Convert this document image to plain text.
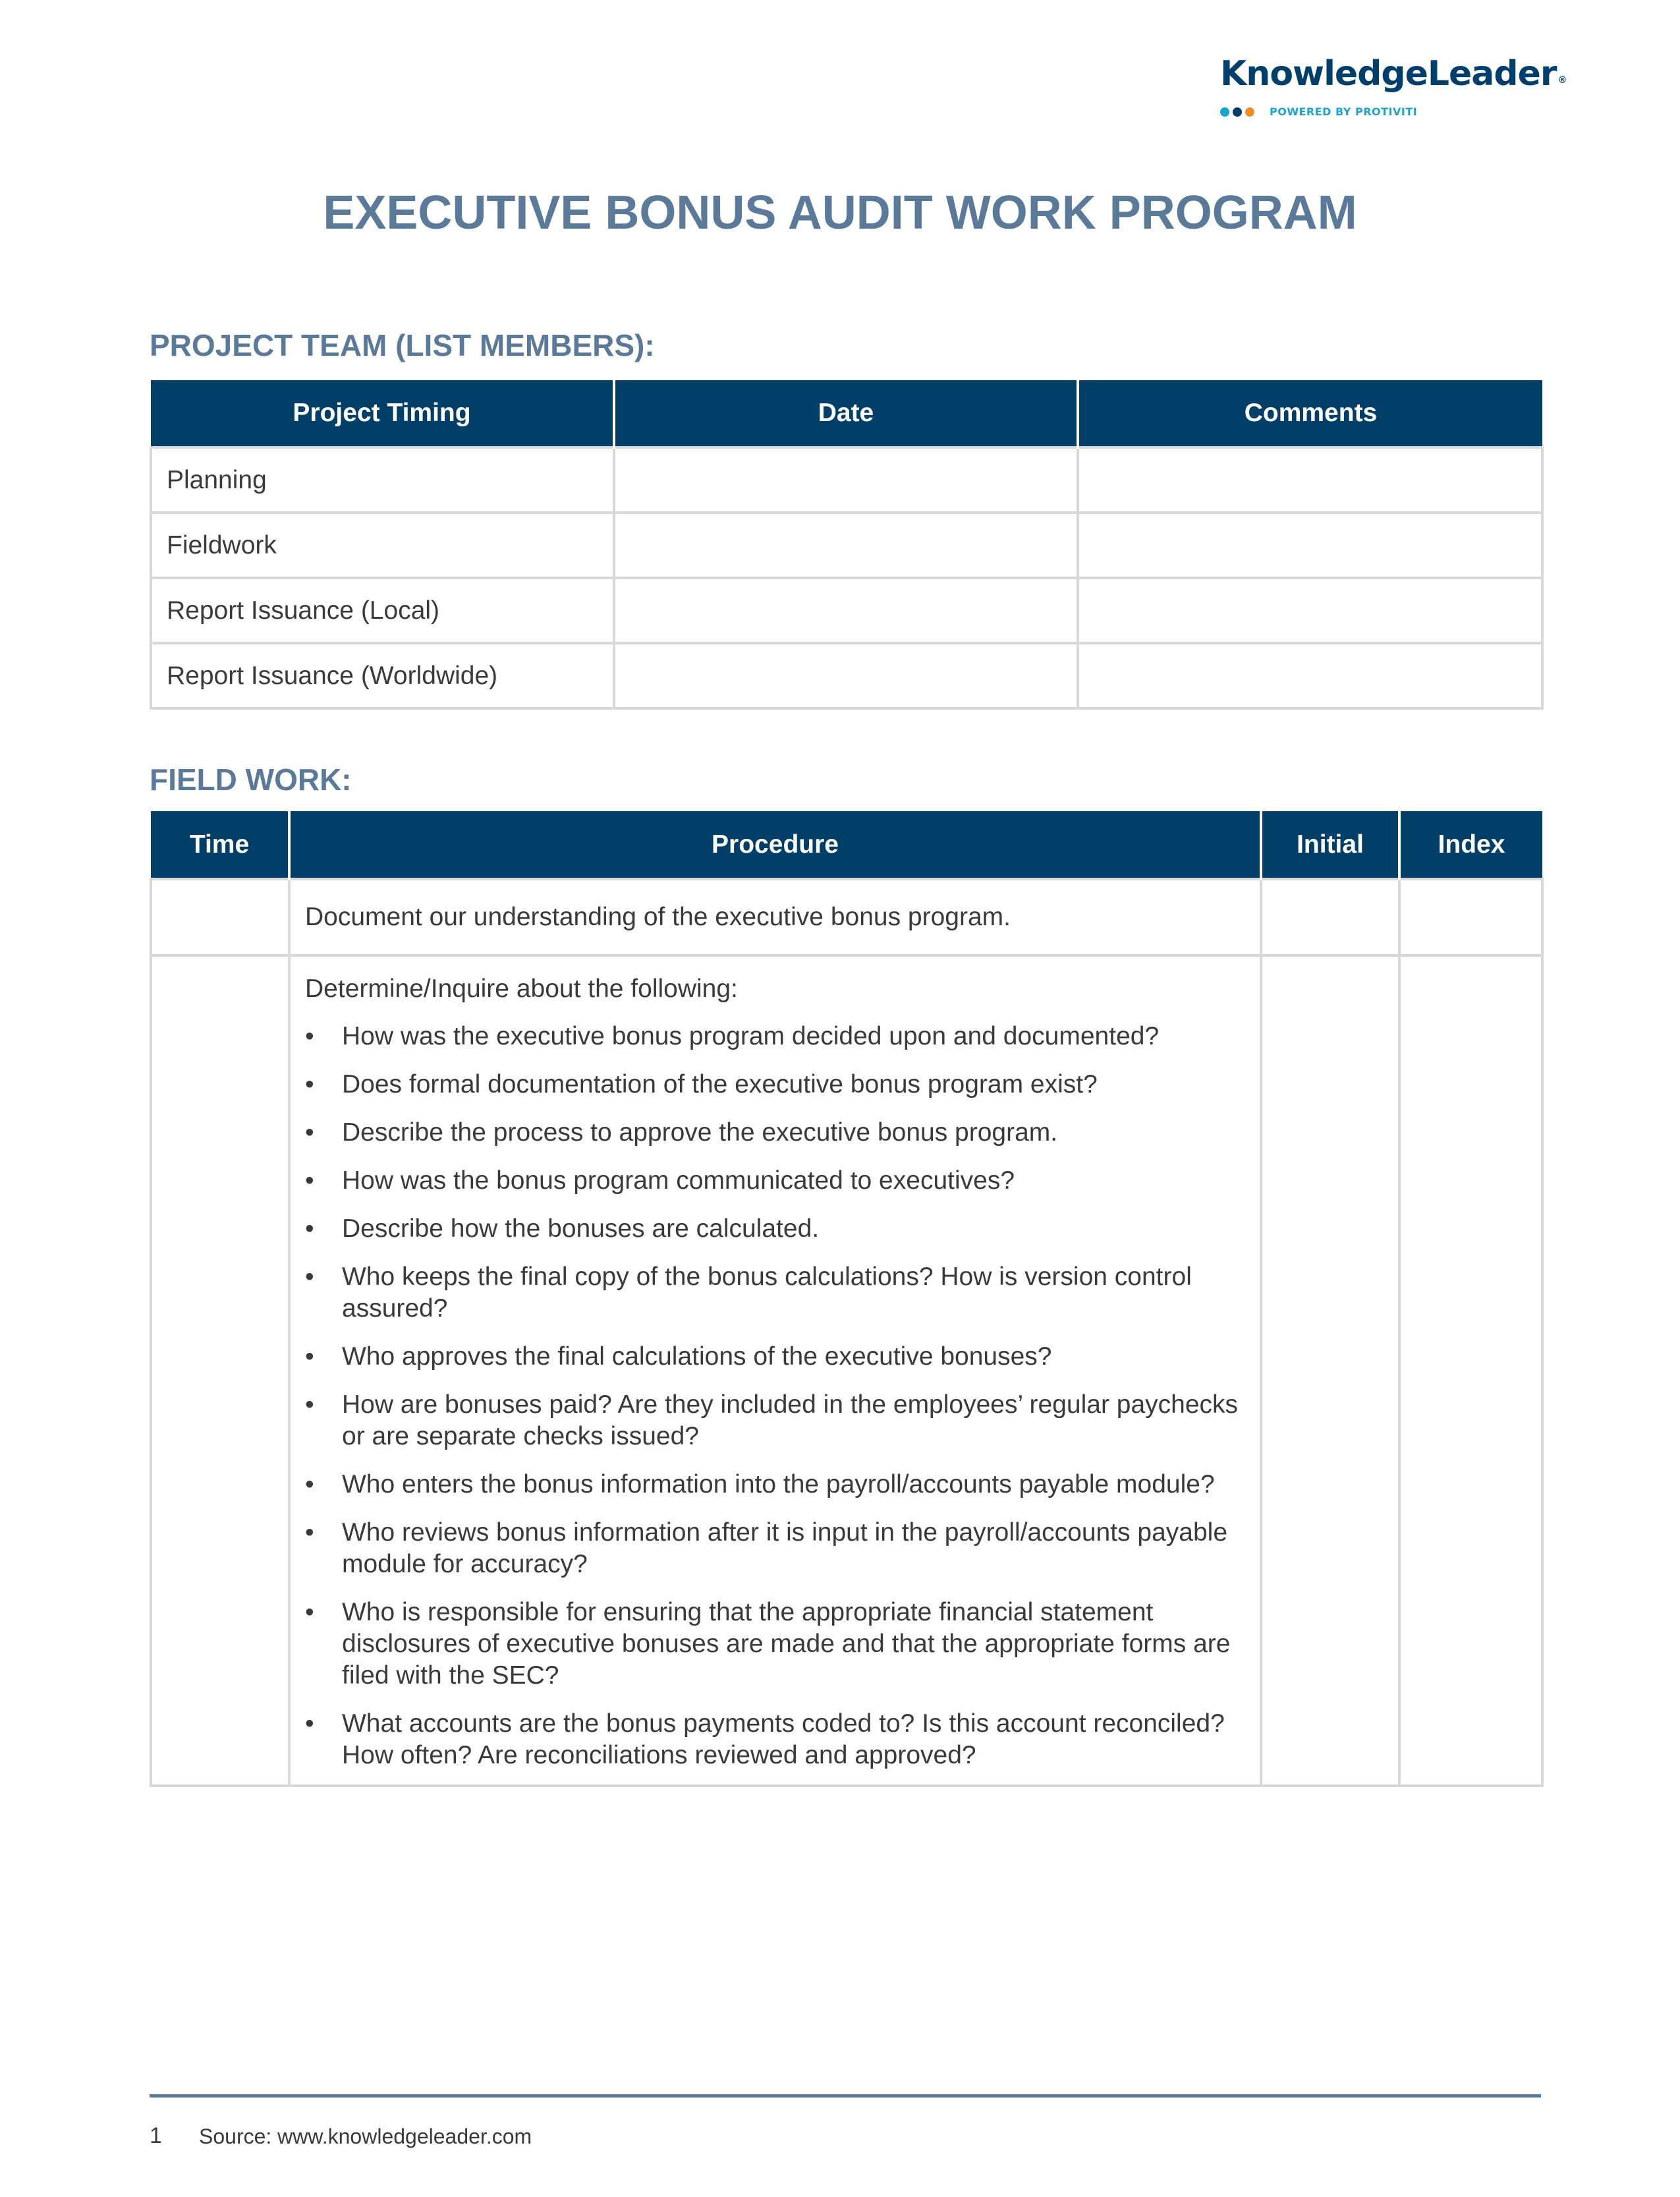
KnowledgeLeader ®
POWERED BY PROTIVITI
EXECUTIVE BONUS AUDIT WORK PROGRAM
PROJECT TEAM (LIST MEMBERS):
Project Timing	Date	Comments
Planning		
Fieldwork		
Report Issuance (Local)		
Report Issuance (Worldwide)		
FIELD WORK:
Time	Procedure	Initial	Index
	Document our understanding of the executive bonus program.		

Determine/Inquire about the following:
• How was the executive bonus program decided upon and documented?
• Does formal documentation of the executive bonus program exist?
• Describe the process to approve the executive bonus program.
• How was the bonus program communicated to executives?
• Describe how the bonuses are calculated.
• Who keeps the final copy of the bonus calculations? How is version control assured?
• Who approves the final calculations of the executive bonuses?
• How are bonuses paid? Are they included in the employees’ regular paychecks or are separate checks issued?
• Who enters the bonus information into the payroll/accounts payable module?
• Who reviews bonus information after it is input in the payroll/accounts payable module for accuracy?
• Who is responsible for ensuring that the appropriate financial statement disclosures of executive bonuses are made and that the appropriate forms are filed with the SEC?
• What accounts are the bonus payments coded to? Is this account reconciled? How often? Are reconciliations reviewed and approved?

1 Source: www.knowledgeleader.com
